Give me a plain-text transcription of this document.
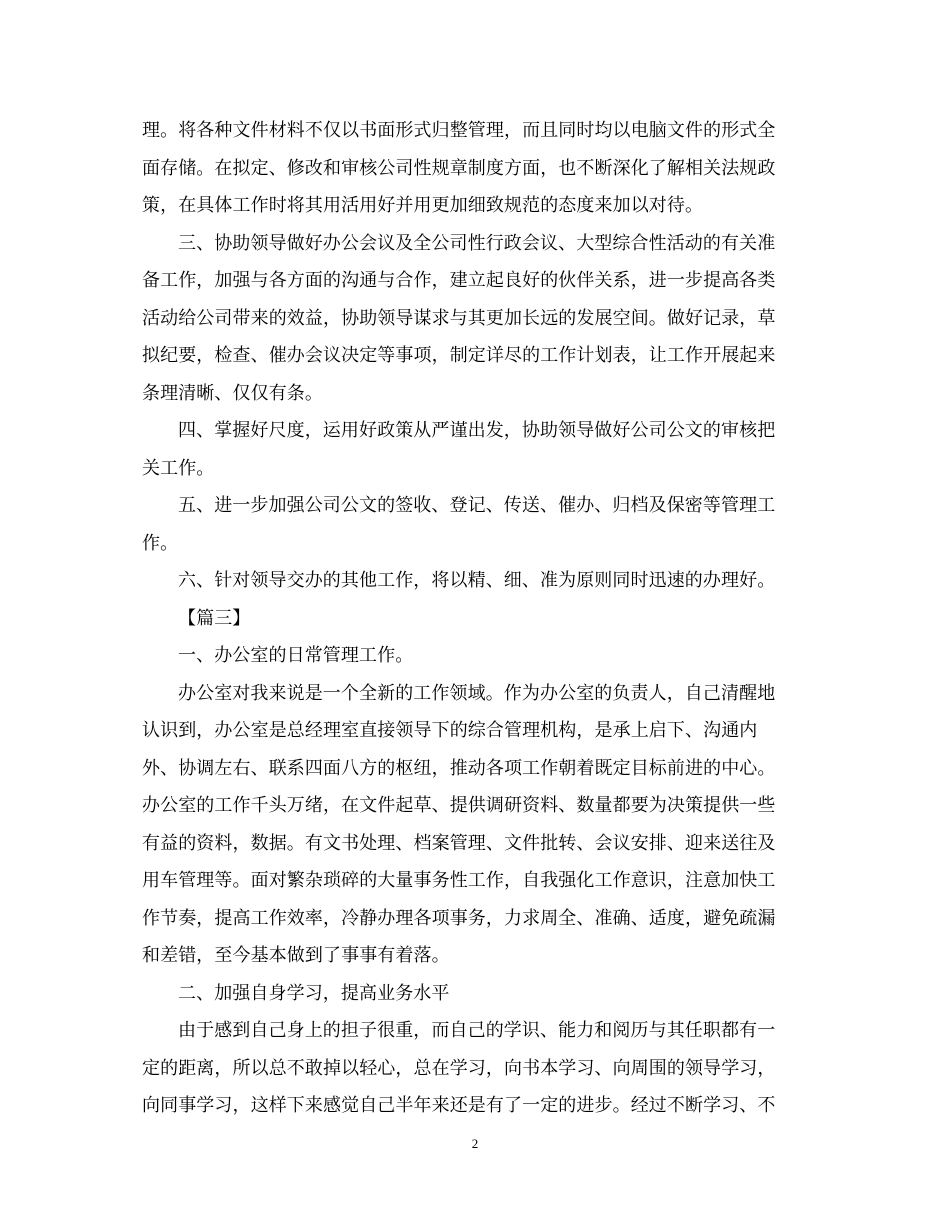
理。将各种文件材料不仅以书面形式归整管理，而且同时均以电脑文件的形式全
面存储。在拟定、修改和审核公司性规章制度方面，也不断深化了解相关法规政
策，在具体工作时将其用活用好并用更加细致规范的态度来加以对待。
三、协助领导做好办公会议及全公司性行政会议、大型综合性活动的有关准
备工作，加强与各方面的沟通与合作，建立起良好的伙伴关系，进一步提高各类
活动给公司带来的效益，协助领导谋求与其更加长远的发展空间。做好记录，草
拟纪要，检查、催办会议决定等事项，制定详尽的工作计划表，让工作开展起来
条理清晰、仅仅有条。
四、掌握好尺度，运用好政策从严谨出发，协助领导做好公司公文的审核把
关工作。
五、进一步加强公司公文的签收、登记、传送、催办、归档及保密等管理工
作。
六、针对领导交办的其他工作，将以精、细、准为原则同时迅速的办理好。
【篇三】
一、办公室的日常管理工作。
办公室对我来说是一个全新的工作领域。作为办公室的负责人，自己清醒地
认识到，办公室是总经理室直接领导下的综合管理机构，是承上启下、沟通内
外、协调左右、联系四面八方的枢纽，推动各项工作朝着既定目标前进的中心。
办公室的工作千头万绪，在文件起草、提供调研资料、数量都要为决策提供一些
有益的资料，数据。有文书处理、档案管理、文件批转、会议安排、迎来送往及
用车管理等。面对繁杂琐碎的大量事务性工作，自我强化工作意识，注意加快工
作节奏，提高工作效率，冷静办理各项事务，力求周全、准确、适度，避免疏漏
和差错，至今基本做到了事事有着落。
二、加强自身学习，提高业务水平
由于感到自己身上的担子很重，而自己的学识、能力和阅历与其任职都有一
定的距离，所以总不敢掉以轻心，总在学习，向书本学习、向周围的领导学习，
向同事学习，这样下来感觉自己半年来还是有了一定的进步。经过不断学习、不
2
